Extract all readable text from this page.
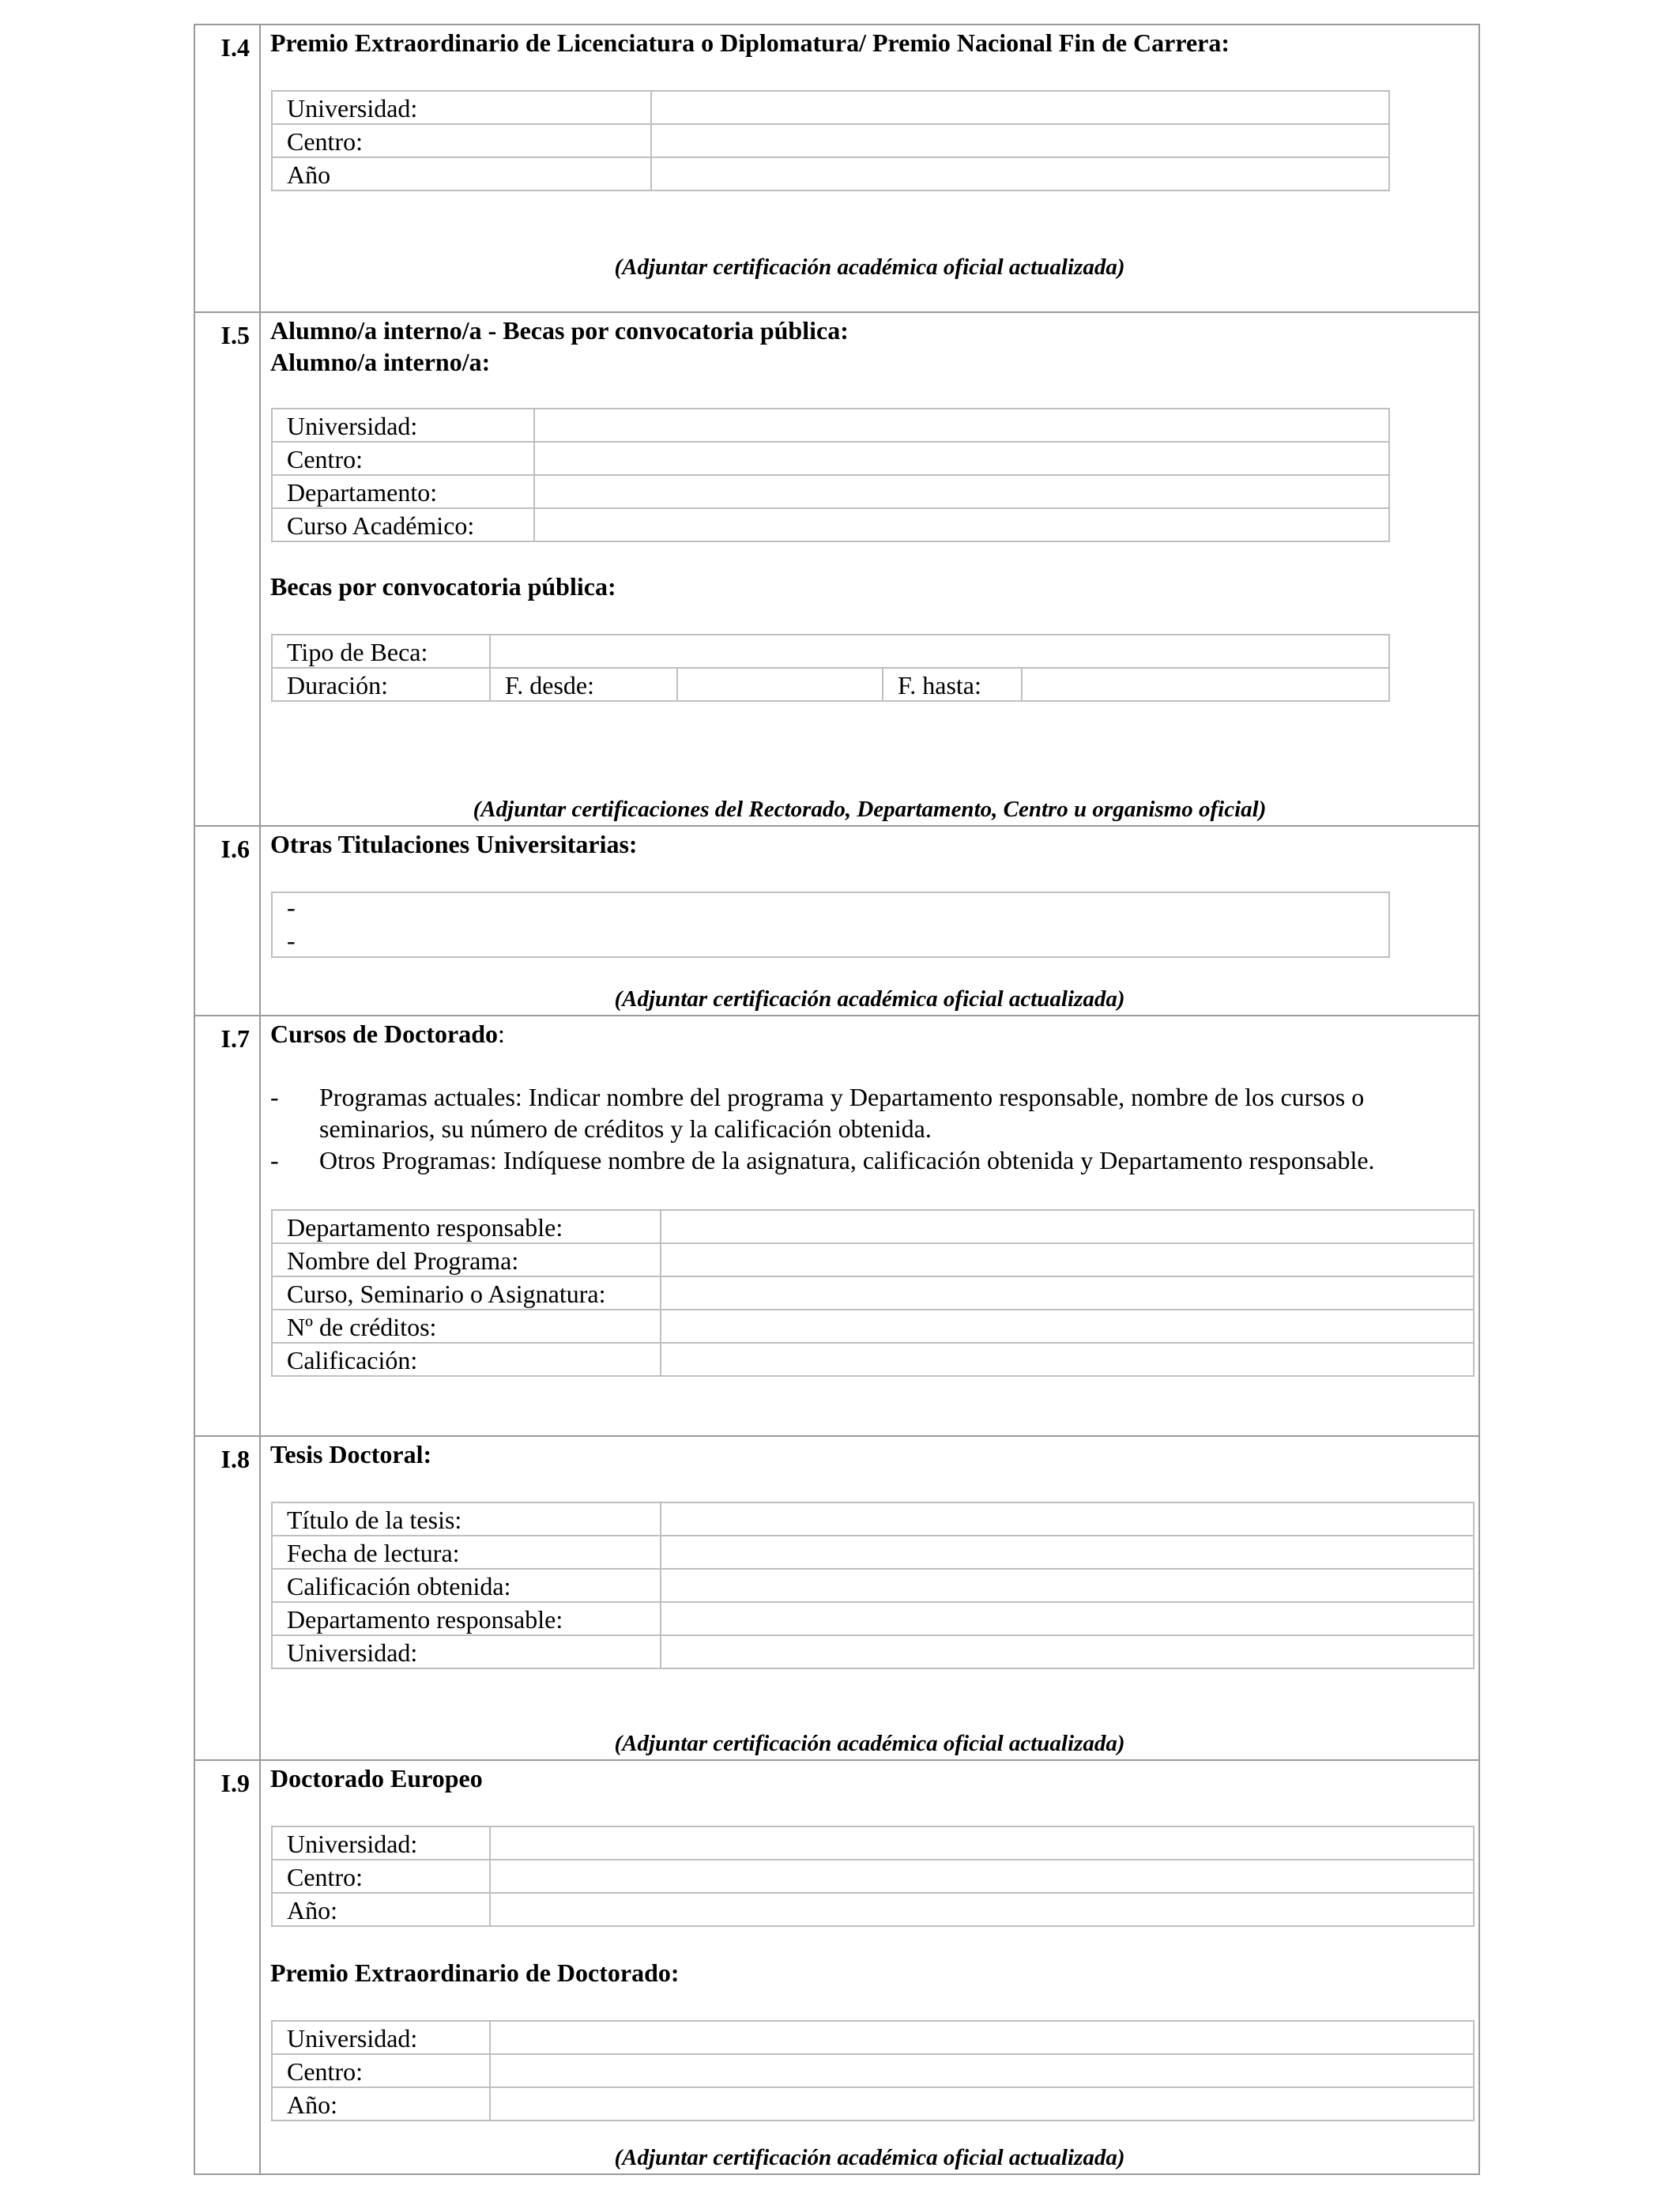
I.4 Premio Extraordinario de Licenciatura o Diplomatura/ Premio Nacional Fin de Carrera:
Universidad:	
Centro:	
Año	
(Adjuntar certificación académica oficial actualizada)
I.5 Alumno/a interno/a - Becas por convocatoria pública:
Alumno/a interno/a:
Universidad:	
Centro:	
Departamento:	
Curso Académico:	
Becas por convocatoria pública:
Tipo de Beca:				
Duración:	F. desde:		F. hasta:	
(Adjuntar certificaciones del Rectorado, Departamento, Centro u organismo oficial)
I.6 Otras Titulaciones Universitarias:
-
-
(Adjuntar certificación académica oficial actualizada)
I.7 Cursos de Doctorado:
- Programas actuales: Indicar nombre del programa y Departamento responsable, nombre de los cursos o
seminarios, su número de créditos y la calificación obtenida.
- Otros Programas: Indíquese nombre de la asignatura, calificación obtenida y Departamento responsable.
Departamento responsable:	
Nombre del Programa:	
Curso, Seminario o Asignatura:	
Nº de créditos:	
Calificación:	
I.8 Tesis Doctoral:
Título de la tesis:	
Fecha de lectura:	
Calificación obtenida:	
Departamento responsable:	
Universidad:	
(Adjuntar certificación académica oficial actualizada)
I.9 Doctorado Europeo
Universidad:	
Centro:	
Año:	
Premio Extraordinario de Doctorado:
Universidad:	
Centro:	
Año:	
(Adjuntar certificación académica oficial actualizada)
